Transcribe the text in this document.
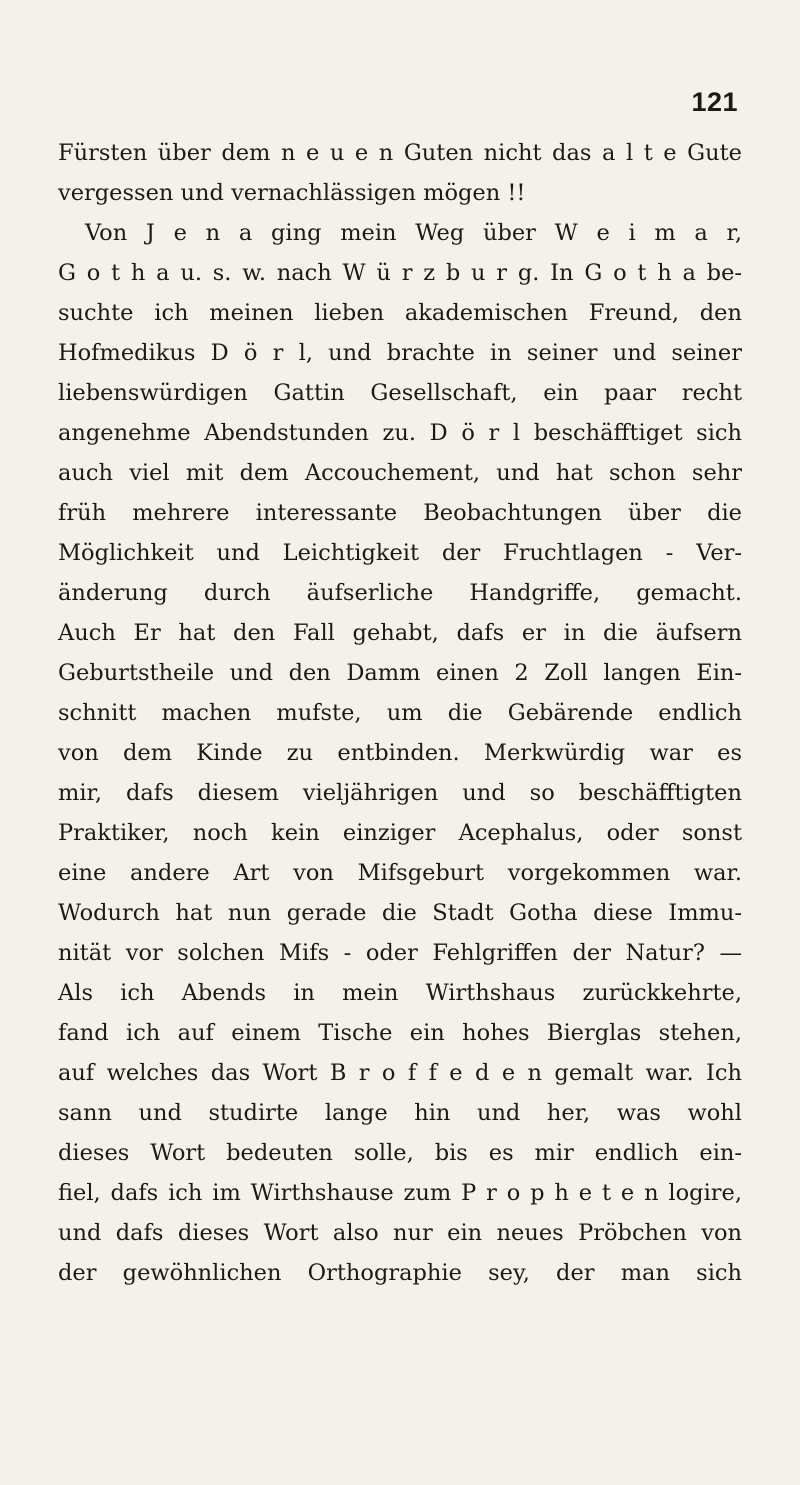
121
Fürsten über dem n e u e n Guten nicht das a l t e Gute
vergessen und vernachlässigen mögen !!
Von J e n a ging mein Weg über W e i m a r,
G o t h a u. s. w. nach W ü r z b u r g. In G o t h a be-
suchte ich meinen lieben akademischen Freund, den
Hofmedikus D ö r l, und brachte in seiner und seiner
liebenswürdigen Gattin Gesellschaft, ein paar recht
angenehme Abendstunden zu. D ö r l beschäfftiget sich
auch viel mit dem Accouchement, und hat schon sehr
früh mehrere interessante Beobachtungen über die
Möglichkeit und Leichtigkeit der Fruchtlagen - Ver-
änderung durch äufserliche Handgriffe, gemacht.
Auch Er hat den Fall gehabt, dafs er in die äufsern
Geburtstheile und den Damm einen 2 Zoll langen Ein-
schnitt machen mufste, um die Gebärende endlich
von dem Kinde zu entbinden. Merkwürdig war es
mir, dafs diesem vieljährigen und so beschäfftigten
Praktiker, noch kein einziger Acephalus, oder sonst
eine andere Art von Mifsgeburt vorgekommen war.
Wodurch hat nun gerade die Stadt Gotha diese Immu-
nität vor solchen Mifs - oder Fehlgriffen der Natur? —
Als ich Abends in mein Wirthshaus zurückkehrte,
fand ich auf einem Tische ein hohes Bierglas stehen,
auf welches das Wort B r o f f e d e n gemalt war. Ich
sann und studirte lange hin und her, was wohl
dieses Wort bedeuten solle, bis es mir endlich ein-
fiel, dafs ich im Wirthshause zum P r o p h e t e n logire,
und dafs dieses Wort also nur ein neues Pröbchen von
der gewöhnlichen Orthographie sey, der man sich
